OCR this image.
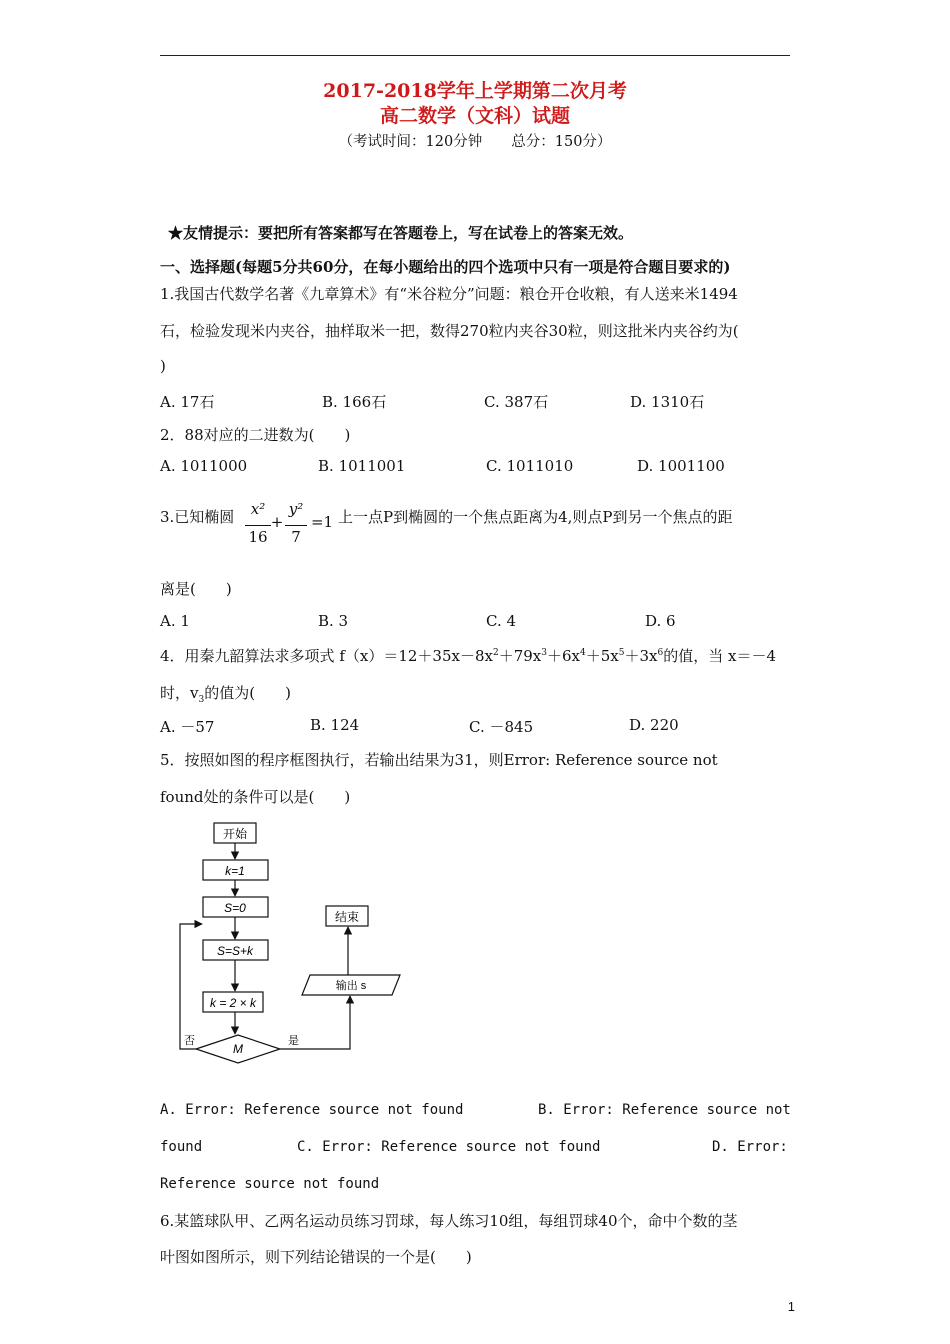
2017-2018学年上学期第二次月考
高二数学（文科）试题
（考试时间：120分钟　　总分：150分）
★友情提示：要把所有答案都写在答题卷上，写在试卷上的答案无效。
一、选择题(每题5分共60分，在每小题给出的四个选项中只有一项是符合题目要求的)
1.我国古代数学名著《九章算术》有“米谷粒分”问题：粮仓开仓收粮，有人送来米1494
石，检验发现米内夹谷，抽样取米一把，数得270粒内夹谷30粒，则这批米内夹谷约为(
)
A. 17石	B. 166石	C. 387石	D. 1310石
2．88对应的二进数为(　　)
A. 1011000	B. 1011001	C. 1011010	D. 1001100
3.已知椭圆	x²
16
+
y²
7
=1 上一点P到椭圆的一个焦点距离为4,则点P到另一个焦点的距
离是(　　)
A. 1	B. 3	C. 4	D. 6
4．用秦九韶算法求多项式 $f(x)=12+35x-8x^2+79x^3+6x^4+5x^5+3x^6$的值，当 x＝－4
时，$v_3$的值为(　　)
A. －57	B. 124	C. －845	D. 220
5．按照如图的程序框图执行，若输出结果为31，则Error: Reference source not
found处的条件可以是(　　)
开始
k=1
S=0
S=S+k
k = 2 × k
M
否	是
输出 s
结束
A. Error: Reference source not found	B. Error: Reference source not
found	C. Error: Reference source not found	D. Error:
Reference source not found
6.某篮球队甲、乙两名运动员练习罚球，每人练习10组，每组罚球40个，命中个数的茎
叶图如图所示，则下列结论错误的一个是(　　)
1
